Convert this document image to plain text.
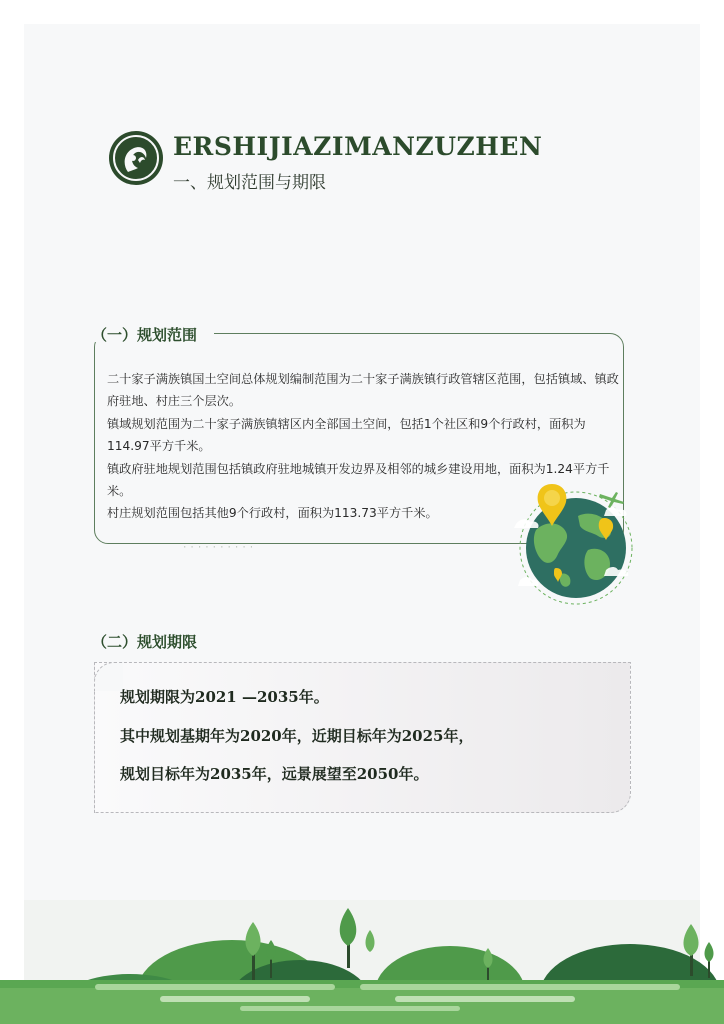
ERSHIJIAZIMANZUZHEN
一、规划范围与期限
（一）规划范围

二十家子满族镇国土空间总体规划编制范围为二十家子满族镇行政管辖区范围，包括镇域、镇政府驻地、村庄三个层次。

镇域规划范围为二十家子满族镇辖区内全部国土空间，包括1个社区和9个行政村，面积为114.97平方千米。

镇政府驻地规划范围包括镇政府驻地城镇开发边界及相邻的城乡建设用地，面积为1.24平方千米。

村庄规划范围包括其他9个行政村，面积为113.73平方千米。

··········
（二）规划期限
规划期限为2021 —2035年。
其中规划基期年为2020年，近期目标年为2025年，
规划目标年为2035年，远景展望至2050年。
